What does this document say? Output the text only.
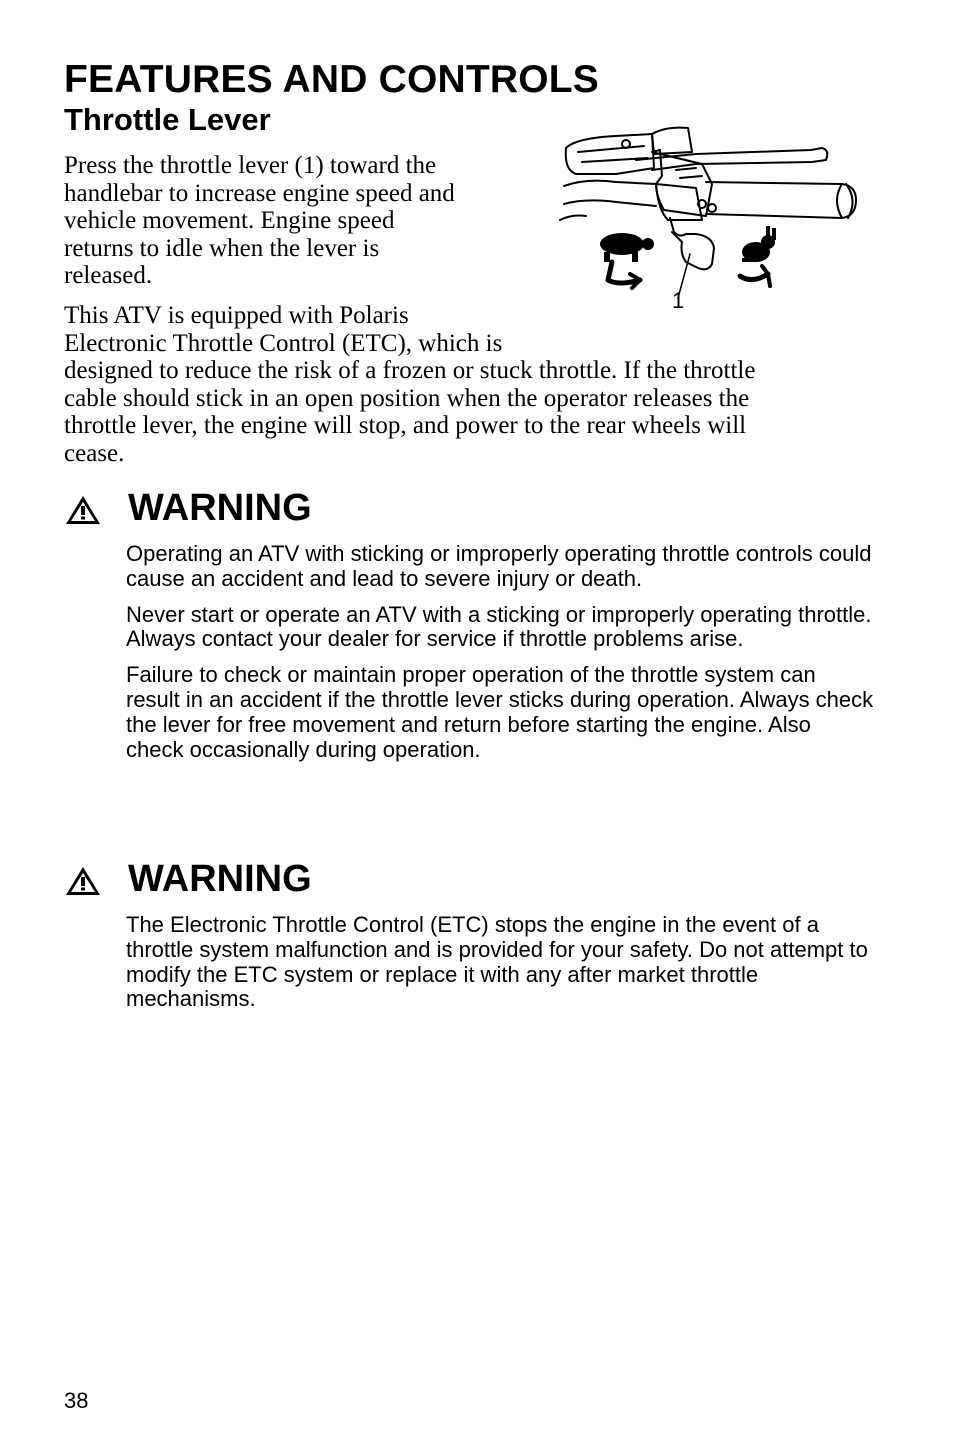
FEATURES AND CONTROLS
Throttle Lever

Press the throttle lever (1) toward the handlebar to increase engine speed and vehicle movement. Engine speed returns to idle when the lever is released.

1

This ATV is equipped with Polaris
Electronic Throttle Control (ETC), which is
designed to reduce the risk of a frozen or stuck throttle. If the throttle
cable should stick in an open position when the operator releases the
throttle lever, the engine will stop, and power to the rear wheels will
cease.

WARNING

Operating an ATV with sticking or improperly operating throttle controls could cause an accident and lead to severe injury or death.

Never start or operate an ATV with a sticking or improperly operating throttle. Always contact your dealer for service if throttle problems arise.

Failure to check or maintain proper operation of the throttle system can result in an accident if the throttle lever sticks during operation. Always check the lever for free movement and return before starting the engine. Also check occasionally during operation.

WARNING

The Electronic Throttle Control (ETC) stops the engine in the event of a throttle system malfunction and is provided for your safety. Do not attempt to modify the ETC system or replace it with any after market throttle mechanisms.

38
